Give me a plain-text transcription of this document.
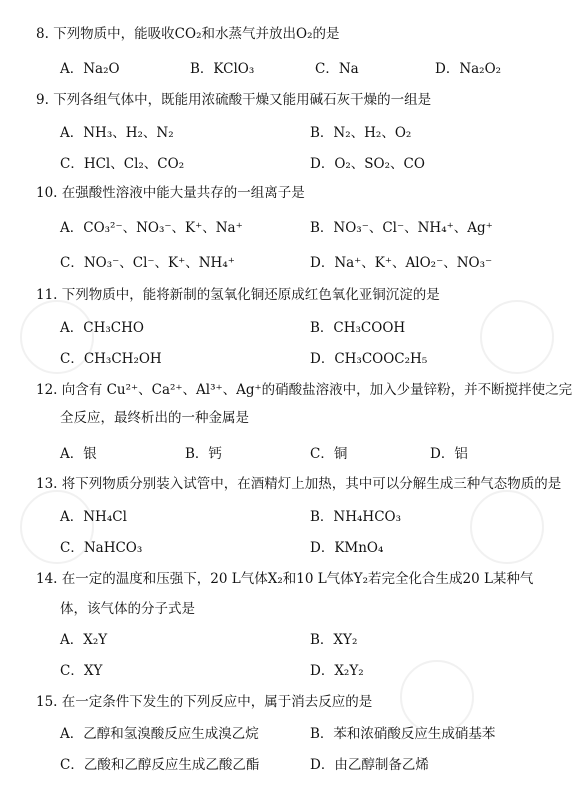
8. 下列物质中，能吸收CO₂和水蒸气并放出O₂的是
A．Na₂O	B．KClO₃	C．Na	D．Na₂O₂
9. 下列各组气体中，既能用浓硫酸干燥又能用碱石灰干燥的一组是
A．NH₃、H₂、N₂	B．N₂、H₂、O₂
C．HCl、Cl₂、CO₂	D．O₂、SO₂、CO
10. 在强酸性溶液中能大量共存的一组离子是
A．CO₃²⁻、NO₃⁻、K⁺、Na⁺	B．NO₃⁻、Cl⁻、NH₄⁺、Ag⁺
C．NO₃⁻、Cl⁻、K⁺、NH₄⁺	D．Na⁺、K⁺、AlO₂⁻、NO₃⁻
11. 下列物质中，能将新制的氢氧化铜还原成红色氧化亚铜沉淀的是
A．CH₃CHO	B．CH₃COOH
C．CH₃CH₂OH	D．CH₃COOC₂H₅
12. 向含有 Cu²⁺、Ca²⁺、Al³⁺、Ag⁺的硝酸盐溶液中，加入少量锌粉，并不断搅拌使之完
全反应，最终析出的一种金属是
A．银	B．钙	C．铜	D．铝
13. 将下列物质分别装入试管中，在酒精灯上加热，其中可以分解生成三种气态物质的是
A．NH₄Cl	B．NH₄HCO₃
C．NaHCO₃	D．KMnO₄
14. 在一定的温度和压强下，20 L气体X₂和10 L气体Y₂若完全化合生成20 L某种气
体，该气体的分子式是
A．X₂Y	B．XY₂
C．XY	D．X₂Y₂
15. 在一定条件下发生的下列反应中，属于消去反应的是
A．乙醇和氢溴酸反应生成溴乙烷	B．苯和浓硝酸反应生成硝基苯
C．乙酸和乙醇反应生成乙酸乙酯	D．由乙醇制备乙烯
